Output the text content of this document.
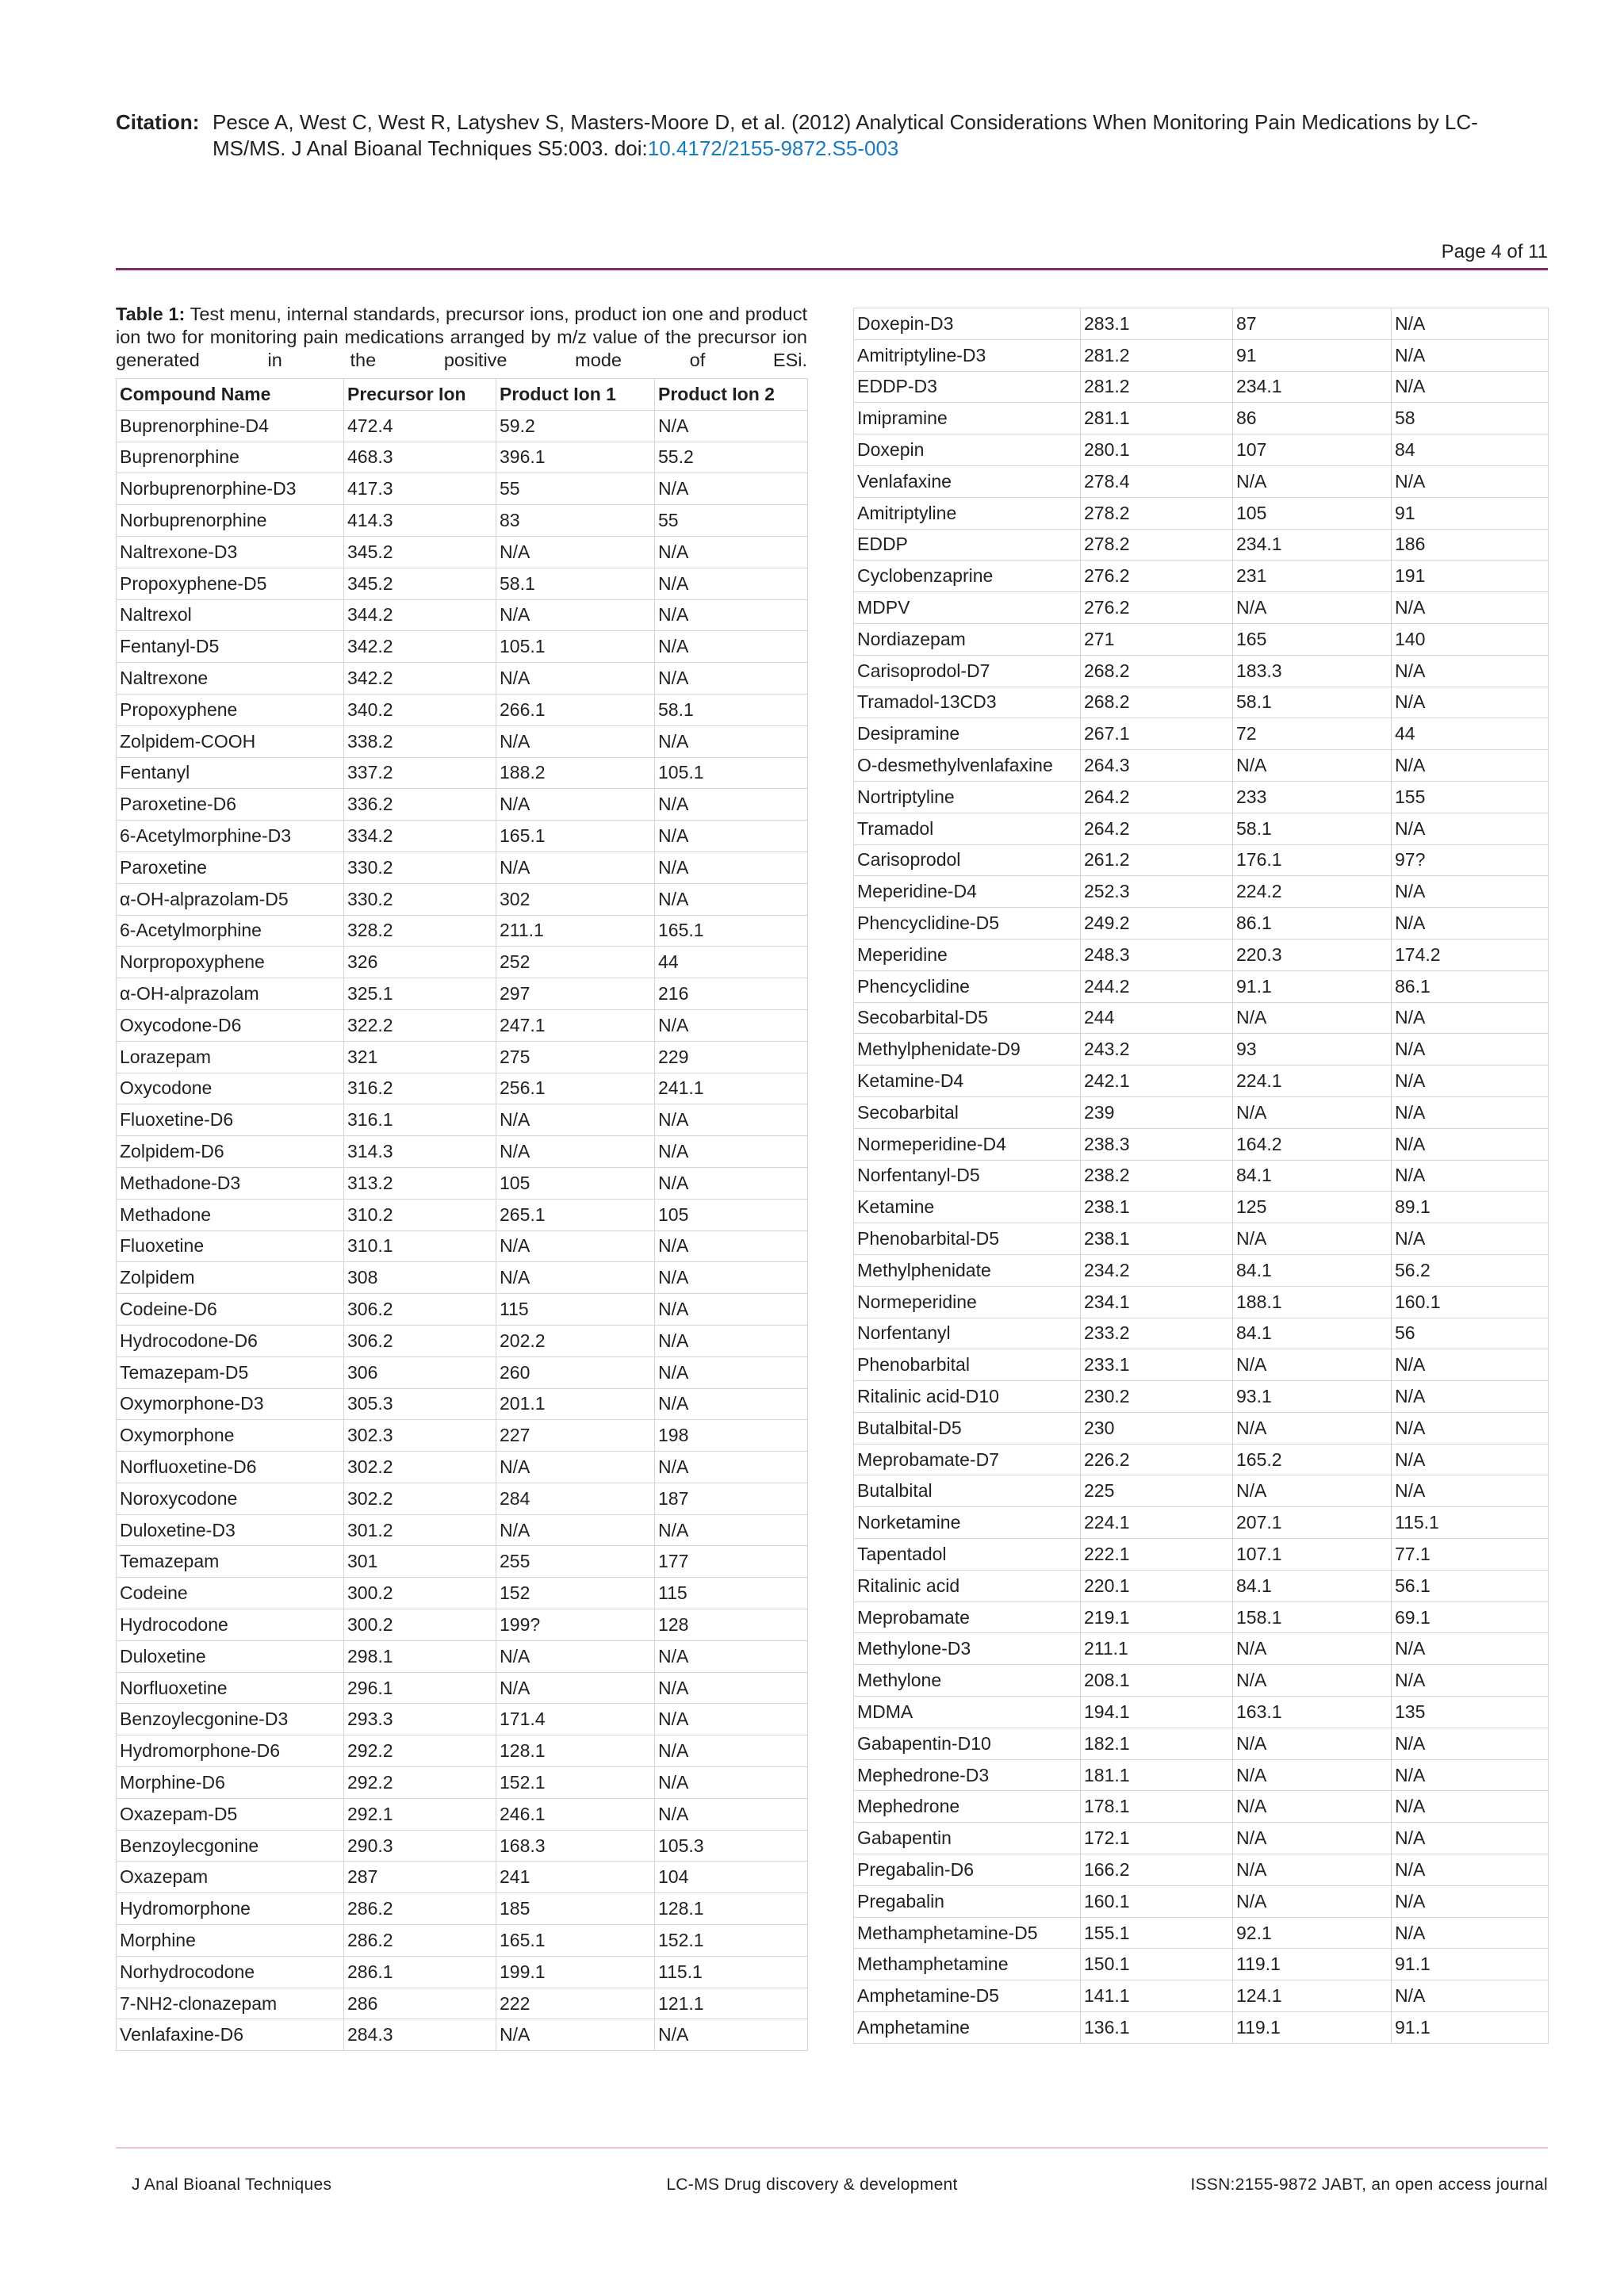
Citation: Pesce A, West C, West R, Latyshev S, Masters-Moore D, et al. (2012) Analytical Considerations When Monitoring Pain Medications by LC-MS/MS. J Anal Bioanal Techniques S5:003. doi:10.4172/2155-9872.S5-003
Page 4 of 11
Table 1: Test menu, internal standards, precursor ions, product ion one and product ion two for monitoring pain medications arranged by m/z value of the precursor ion generated in the positive mode of ESi.
Compound Name	Precursor Ion	Product Ion 1	Product Ion 2
Buprenorphine-D4	472.4	59.2	N/A
Buprenorphine	468.3	396.1	55.2
Norbuprenorphine-D3	417.3	55	N/A
Norbuprenorphine	414.3	83	55
Naltrexone-D3	345.2	N/A	N/A
Propoxyphene-D5	345.2	58.1	N/A
Naltrexol	344.2	N/A	N/A
Fentanyl-D5	342.2	105.1	N/A
Naltrexone	342.2	N/A	N/A
Propoxyphene	340.2	266.1	58.1
Zolpidem-COOH	338.2	N/A	N/A
Fentanyl	337.2	188.2	105.1
Paroxetine-D6	336.2	N/A	N/A
6-Acetylmorphine-D3	334.2	165.1	N/A
Paroxetine	330.2	N/A	N/A
α-OH-alprazolam-D5	330.2	302	N/A
6-Acetylmorphine	328.2	211.1	165.1
Norpropoxyphene	326	252	44
α-OH-alprazolam	325.1	297	216
Oxycodone-D6	322.2	247.1	N/A
Lorazepam	321	275	229
Oxycodone	316.2	256.1	241.1
Fluoxetine-D6	316.1	N/A	N/A
Zolpidem-D6	314.3	N/A	N/A
Methadone-D3	313.2	105	N/A
Methadone	310.2	265.1	105
Fluoxetine	310.1	N/A	N/A
Zolpidem	308	N/A	N/A
Codeine-D6	306.2	115	N/A
Hydrocodone-D6	306.2	202.2	N/A
Temazepam-D5	306	260	N/A
Oxymorphone-D3	305.3	201.1	N/A
Oxymorphone	302.3	227	198
Norfluoxetine-D6	302.2	N/A	N/A
Noroxycodone	302.2	284	187
Duloxetine-D3	301.2	N/A	N/A
Temazepam	301	255	177
Codeine	300.2	152	115
Hydrocodone	300.2	199?	128
Duloxetine	298.1	N/A	N/A
Norfluoxetine	296.1	N/A	N/A
Benzoylecgonine-D3	293.3	171.4	N/A
Hydromorphone-D6	292.2	128.1	N/A
Morphine-D6	292.2	152.1	N/A
Oxazepam-D5	292.1	246.1	N/A
Benzoylecgonine	290.3	168.3	105.3
Oxazepam	287	241	104
Hydromorphone	286.2	185	128.1
Morphine	286.2	165.1	152.1
Norhydrocodone	286.1	199.1	115.1
7-NH2-clonazepam	286	222	121.1
Venlafaxine-D6	284.3	N/A	N/A
Doxepin-D3	283.1	87	N/A
Amitriptyline-D3	281.2	91	N/A
EDDP-D3	281.2	234.1	N/A
Imipramine	281.1	86	58
Doxepin	280.1	107	84
Venlafaxine	278.4	N/A	N/A
Amitriptyline	278.2	105	91
EDDP	278.2	234.1	186
Cyclobenzaprine	276.2	231	191
MDPV	276.2	N/A	N/A
Nordiazepam	271	165	140
Carisoprodol-D7	268.2	183.3	N/A
Tramadol-13CD3	268.2	58.1	N/A
Desipramine	267.1	72	44
O-desmethylvenlafaxine	264.3	N/A	N/A
Nortriptyline	264.2	233	155
Tramadol	264.2	58.1	N/A
Carisoprodol	261.2	176.1	97?
Meperidine-D4	252.3	224.2	N/A
Phencyclidine-D5	249.2	86.1	N/A
Meperidine	248.3	220.3	174.2
Phencyclidine	244.2	91.1	86.1
Secobarbital-D5	244	N/A	N/A
Methylphenidate-D9	243.2	93	N/A
Ketamine-D4	242.1	224.1	N/A
Secobarbital	239	N/A	N/A
Normeperidine-D4	238.3	164.2	N/A
Norfentanyl-D5	238.2	84.1	N/A
Ketamine	238.1	125	89.1
Phenobarbital-D5	238.1	N/A	N/A
Methylphenidate	234.2	84.1	56.2
Normeperidine	234.1	188.1	160.1
Norfentanyl	233.2	84.1	56
Phenobarbital	233.1	N/A	N/A
Ritalinic acid-D10	230.2	93.1	N/A
Butalbital-D5	230	N/A	N/A
Meprobamate-D7	226.2	165.2	N/A
Butalbital	225	N/A	N/A
Norketamine	224.1	207.1	115.1
Tapentadol	222.1	107.1	77.1
Ritalinic acid	220.1	84.1	56.1
Meprobamate	219.1	158.1	69.1
Methylone-D3	211.1	N/A	N/A
Methylone	208.1	N/A	N/A
MDMA	194.1	163.1	135
Gabapentin-D10	182.1	N/A	N/A
Mephedrone-D3	181.1	N/A	N/A
Mephedrone	178.1	N/A	N/A
Gabapentin	172.1	N/A	N/A
Pregabalin-D6	166.2	N/A	N/A
Pregabalin	160.1	N/A	N/A
Methamphetamine-D5	155.1	92.1	N/A
Methamphetamine	150.1	119.1	91.1
Amphetamine-D5	141.1	124.1	N/A
Amphetamine	136.1	119.1	91.1
J Anal Bioanal Techniques	LC-MS Drug discovery & development	ISSN:2155-9872 JABT, an open access journal
